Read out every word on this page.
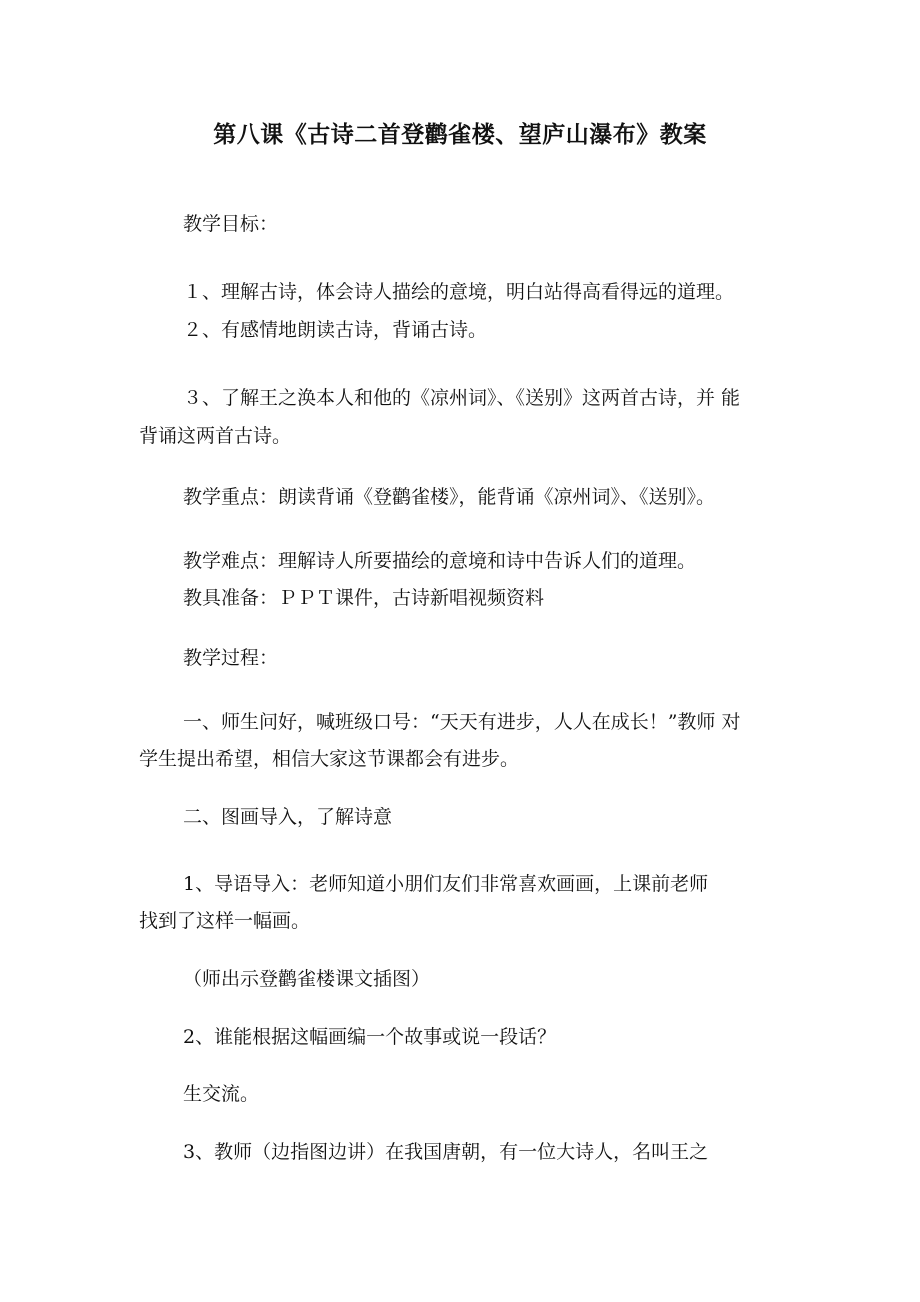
第八课《古诗二首登鹳雀楼、望庐山瀑布》教案
教学目标：
１、理解古诗，体会诗人描绘的意境，明白站得高看得远的道理。
２、有感情地朗读古诗，背诵古诗。
３、了解王之涣本人和他的《凉州词》、《送别》这两首古诗，并 能
背诵这两首古诗。
教学重点：朗读背诵《登鹳雀楼》，能背诵《凉州词》、《送别》。
教学难点：理解诗人所要描绘的意境和诗中告诉人们的道理。
教具准备：ＰＰＴ课件，古诗新唱视频资料
教学过程：
一、师生问好，喊班级口号：“天天有进步，人人在成长！”教师 对
学生提出希望，相信大家这节课都会有进步。
二、图画导入，了解诗意
1、导语导入：老师知道小朋们友们非常喜欢画画，上课前老师
找到了这样一幅画。
（师出示登鹳雀楼课文插图）
2、谁能根据这幅画编一个故事或说一段话？
生交流。
3、教师（边指图边讲）在我国唐朝，有一位大诗人，名叫王之
